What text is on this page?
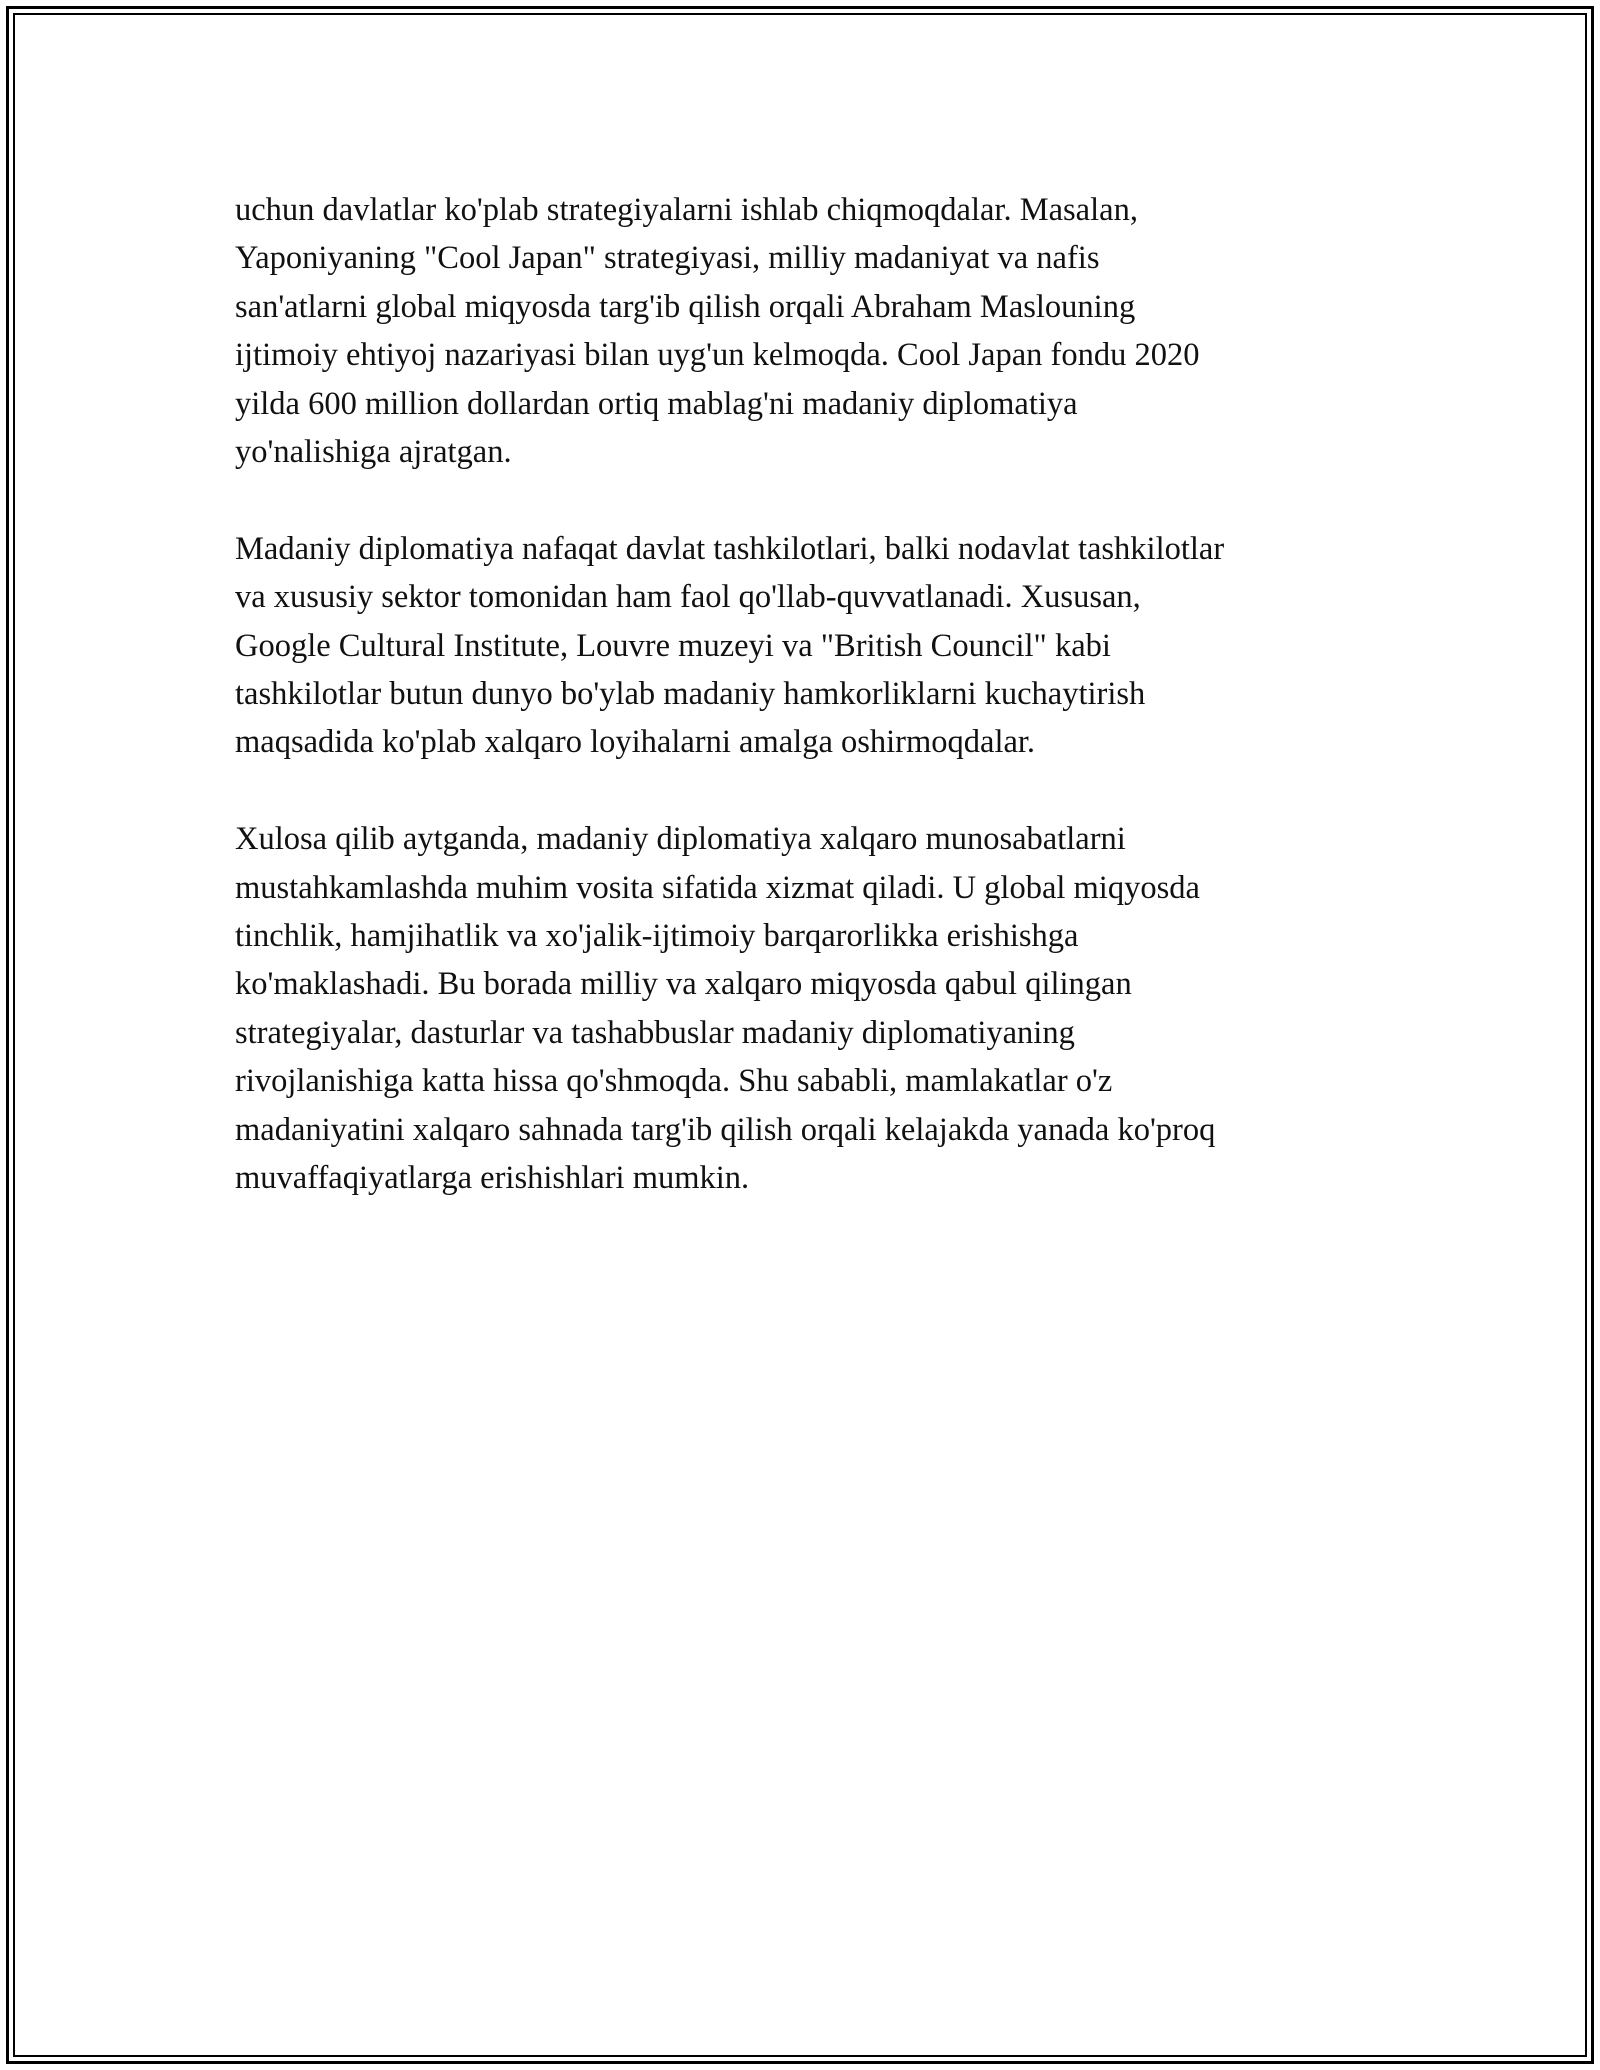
uchun davlatlar ko'plab strategiyalarni ishlab chiqmoqdalar. Masalan,
Yaponiyaning "Cool Japan" strategiyasi, milliy madaniyat va nafis
san'atlarni global miqyosda targ'ib qilish orqali Abraham Maslouning
ijtimoiy ehtiyoj nazariyasi bilan uyg'un kelmoqda. Cool Japan fondu 2020
yilda 600 million dollardan ortiq mablag'ni madaniy diplomatiya
yo'nalishiga ajratgan.

Madaniy diplomatiya nafaqat davlat tashkilotlari, balki nodavlat tashkilotlar
va xususiy sektor tomonidan ham faol qo'llab-quvvatlanadi. Xususan,
Google Cultural Institute, Louvre muzeyi va "British Council" kabi
tashkilotlar butun dunyo bo'ylab madaniy hamkorliklarni kuchaytirish
maqsadida ko'plab xalqaro loyihalarni amalga oshirmoqdalar.

Xulosa qilib aytganda, madaniy diplomatiya xalqaro munosabatlarni
mustahkamlashda muhim vosita sifatida xizmat qiladi. U global miqyosda
tinchlik, hamjihatlik va xo'jalik-ijtimoiy barqarorlikka erishishga
ko'maklashadi. Bu borada milliy va xalqaro miqyosda qabul qilingan
strategiyalar, dasturlar va tashabbuslar madaniy diplomatiyaning
rivojlanishiga katta hissa qo'shmoqda. Shu sababli, mamlakatlar o'z
madaniyatini xalqaro sahnada targ'ib qilish orqali kelajakda yanada ko'proq
muvaffaqiyatlarga erishishlari mumkin.
